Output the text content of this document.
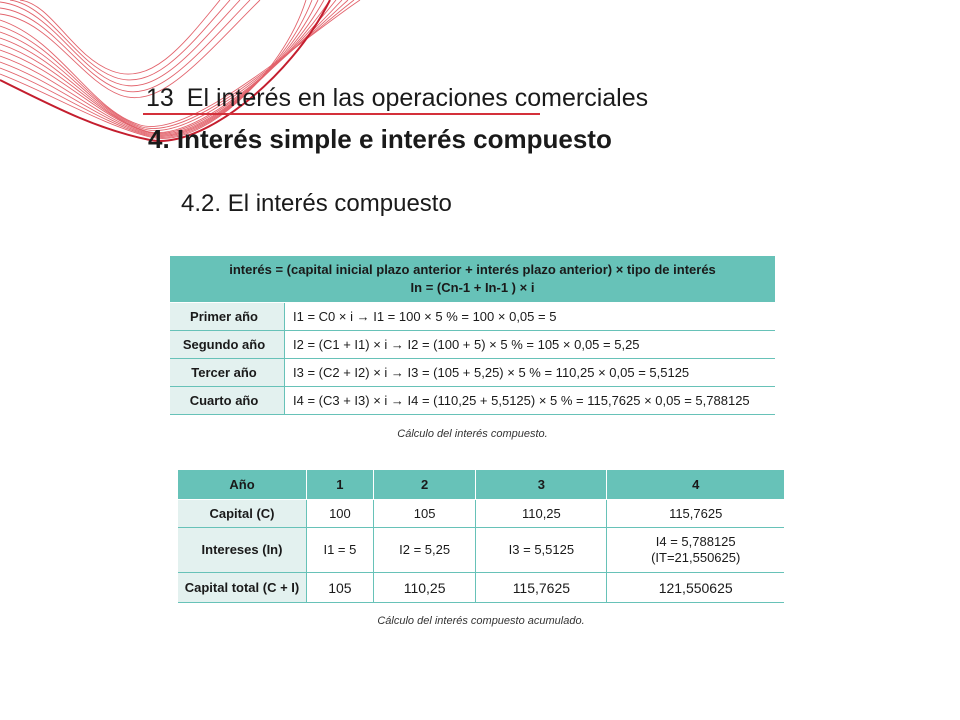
13 El interés en las operaciones comerciales
4. Interés simple e interés compuesto
4.2. El interés compuesto
interés = (capital inicial plazo anterior + interés plazo anterior) × tipo de interés
In = (Cn-1 + In-1 ) × i	

Primer año	I1 = C0 × i → I1 = 100 × 5 % = 100 × 0,05 = 5
Segundo año	I2 = (C1 + I1) × i → I2 = (100 + 5) × 5 % = 105 × 0,05 = 5,25
Tercer año	I3 = (C2 + I2) × i → I3 = (105 + 5,25) × 5 % = 110,25 × 0,05 = 5,5125
Cuarto año	I4 = (C3 + I3) × i → I4 = (110,25 + 5,5125) × 5 % = 115,7625 × 0,05 = 5,788125
Cálculo del interés compuesto.
Año	1	2	3	4
Capital (C)	100	105	110,25	115,7625
Intereses (In)	I1 = 5	I2 = 5,25	I3 = 5,5125	I4 = 5,788125
(IT=21,550625)

Capital total (C + I)	105	110,25	115,7625	121,550625
Cálculo del interés compuesto acumulado.
